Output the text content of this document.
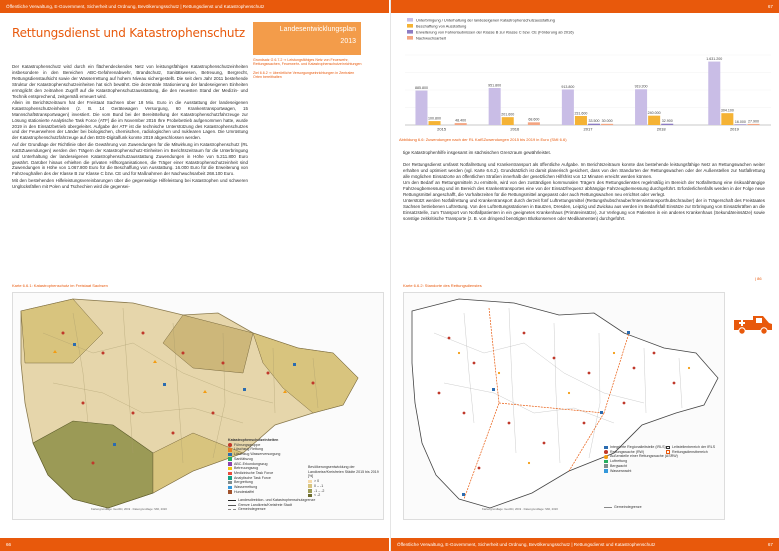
Öffentliche Verwaltung, E-Government, Sicherheit und Ordnung, Bevölkerungsschutz | Rettungsdienst und Katastrophenschutz
Rettungsdienst und Katastrophenschutz	Landesentwicklungsplan
2013

Grundsatz G 6.7.2 ⇒ Leistungsfähiges Netz von Feuerwehr, Rettungswachen, Feuerwehr- und Katastrophenschutzeinrichtungen

Ziel 6.6.2 ⇒ überörtliche Versorgungseinrichtungen in Zentralen Orten bereithalten

Der Katastrophenschutz wird durch ein flächendeckendes Netz von leistungsfähigen Katastrophenschutzeinheiten insbesondere in den Bereichen ABC-Gefahrenabwehr, Brandschutz, Sanitätswesen, Betreuung, Bergrecht, Rettungsdienstaufsicht sowie der Wasserrettung auf hohem Niveau sichergestellt. Die seit dem Jahr 2011 bestehende Struktur der Katastrophenschutzeinheiten hat sich bewährt. Die dezentrale Stationierung der landeseigenen Einheiten ermöglicht den zeitnahen Zugriff auf die Katastrophenschutzausstattung, die den neuesten Stand der Medizin- und Technik entsprechend, zeitgemäß erneuert wird.

Allein im Berichtszeitraum hat der Freistaat Sachsen über 18 Mio. Euro in die Ausstattung der landeseigenen Katastrophenschutzeinheiten (z. B. 14 Gerätewagen Versorgung, 60 Krankentransportwagen, 15 Mannschaftstransportwagen) investiert. Die vom Bund bei der Bereitstellung der Katastrophenschutzfahrzeuge zur Lösung stationierte Analytische Task Force (ATF) die im November 2016 Ihre Probebetrieb aufgenommen hatte, wurde 2019 in den Einsatzbetrieb übergeleitet. Aufgabe der ATF ist die technische Unterstützung des Katastrophenschutzes und der Feuerwehren der Länder bei biologischen, chemischen, radiologischen und nuklearen Lagen. Die Umrüstung der Katastrophenschutzfahrzeuge auf den BOS-Digitalfunk konnte 2019 abgeschlossen werden.

Auf der Grundlage der Richtlinie über die Gewährung von Zuwendungen für die Mitwirkung im Katastrophenschutz (RL KatSZuwendungen) werden den Trägern der Katastrophenschutz-Einheiten im Berichtszeitraum für die Unterbringung und Unterhaltung der landeseigenen Katastrophenschutzausstattung Zuwendungen in Höhe von 5.211.800 Euro gewährt. Darüber hinaus erhielten die privaten Hilfsorganisationen, die Träger einer Katastrophenschutzeinheit sind Zuwendungen in Höhe von 1.067.800 Euro für die Beschaffung von Ausstattung. 16.000 Euro für die Erweiterung von Fahrzeughallen des der Klasse B zur Klasse C bzw. CE und für Maßnahmen der Nachwuchsarbeit 268.100 Euro.

Mit den bestehenden Hilfeleistungsvereinbarungen über die gegenseitige Hilfeleistung bei Katastrophen und schweren Unglücksfällen mit Polen und Tschechien wird die gegensei-

Karte 6.6.1: Katastrophenschutz im Freistaat Sachsen
Katastrophenschutzeinheiten
Führungsgruppe
Löschzug Rettung
Löschzug Wasserversorgung
Sanitätszug
ABC-Erkundungszug
Betreuungszug
Medizinische Task Force
Analytische Task Force
Bergrettung
Wasserrettung
Hundestaffel
Bevölkerungsentwicklung der Landkreise/Kreisfreien Städte 2015 bis 2019 [%]
> 0
0 – -1
-1 – -2
< -2
Landesdirektion- und Katastrophenschutzgrenze
Grenze Landkreis/Kreisfreie Stadt
Gemeindegrenze
Kartengrundlage: GeoSN, 2019 · Datengrundlage: SMI, 2020
66
67
Unterbringung / Unterhaltung der landeseigenen Katastrophenschutzausstattung
Beschaffung von Ausstattung
Erweiterung von Fahrerlaubnissen der Klasse B zur Klasse C bzw. CE (Förderung ab 2016)
Nachwuchsarbeit
885.800
100.800
48.400
2015
951.800
201.600
68.600
2016
913.800
231.600
33.500 30.000
2017
919.200
240.000
32.900
2018
1.631.200
304.100
16.000 27.900
2019
Abbildung 6.6: Zuwendungen nach der RL KatSZuwendungen 2015 bis 2019 in Euro (SMI 6.6)

tige Katastrophenhilfe insgesamt im sächsischen Grenzraum gewährleistet.

Der Rettungsdienst umfasst Notfallrettung und Krankentransport als öffentliche Aufgabe. Im Berichtszeitraum konnte das bestehende leistungsfähige Netz an Rettungswachen weiter erhalten und optimiert werden (vgl. Karte 6.6.2). Grundsätzlich ist damit planerisch gesichert, dass von den Standorten der Rettungswachen oder der Außenstellen zur Notfallrettung alle möglichen Einsatzorte an öffentlichen Straßen innerhalb der gesetzlichen Hilfsfrist von 12 Minuten erreicht werden können.

Um den Bedarf an Rettungsmitteln zu ermitteln, wird von den zuständigen kommunalen Trägern des Rettungsdienstes regelmäßig im Bereich der Notfallrettung eine risikoabhängige Fahrzeugbemessung und im Bereich des Krankentransportes eine von der Einsatzfrequenz abhängige Fahrzeugbemessung durchgeführt. Erforderlichenfalls werden in der Folge neue Rettungsmittel angeschafft, die Vorhaltezeiten für die Rettungsmittel angepasst oder auch Rettungswachen neu errichtet oder verlegt.

Unterstützt werden Notfallrettung und Krankentransport durch derzeit fünf Luftrettungsmittel (Rettungshubschrauber/Intensivtransporthubschrauber) der in Trägerschaft des Freistaates Sachsen betriebenen Luftrettung. Von den Luftrettungsstationen in Bautzen, Dresden, Leipzig und Zwickau aus werden im Bedarfsfall Einsätze zur Erbringung von Einsatzkräften an die Einsatzstelle, zum Transport von Notfallpatienten in ein geeignetes Krankenhaus (Primäreinsätze), zur Verlegung von Patienten in ein anderes Krankenhaus (Sekundäreinsätze) sowie sonstige zeitkritische Transporte (z. B. von dringend benötigten Blutkonserven oder Medikamenten) durchgeführt.

| 86
Karte 6.6.2: Standorte des Rettungsdienstes
Integrierte Regionalleitstelle (IRLS)
Rettungswache (RW)
Außenstelle einer Rettungswache (ASRW)
Luftrettung
Bergwacht
Wasserwacht
Leitstellenbereich der IRLS
Rettungsdienstbereich
Gemeindegrenze
Kartengrundlage: GeoSN, 2019 · Datengrundlage: SMI, 2020
Öffentliche Verwaltung, E-Government, Sicherheit und Ordnung, Bevölkerungsschutz | Rettungsdienst und Katastrophenschutz	67
